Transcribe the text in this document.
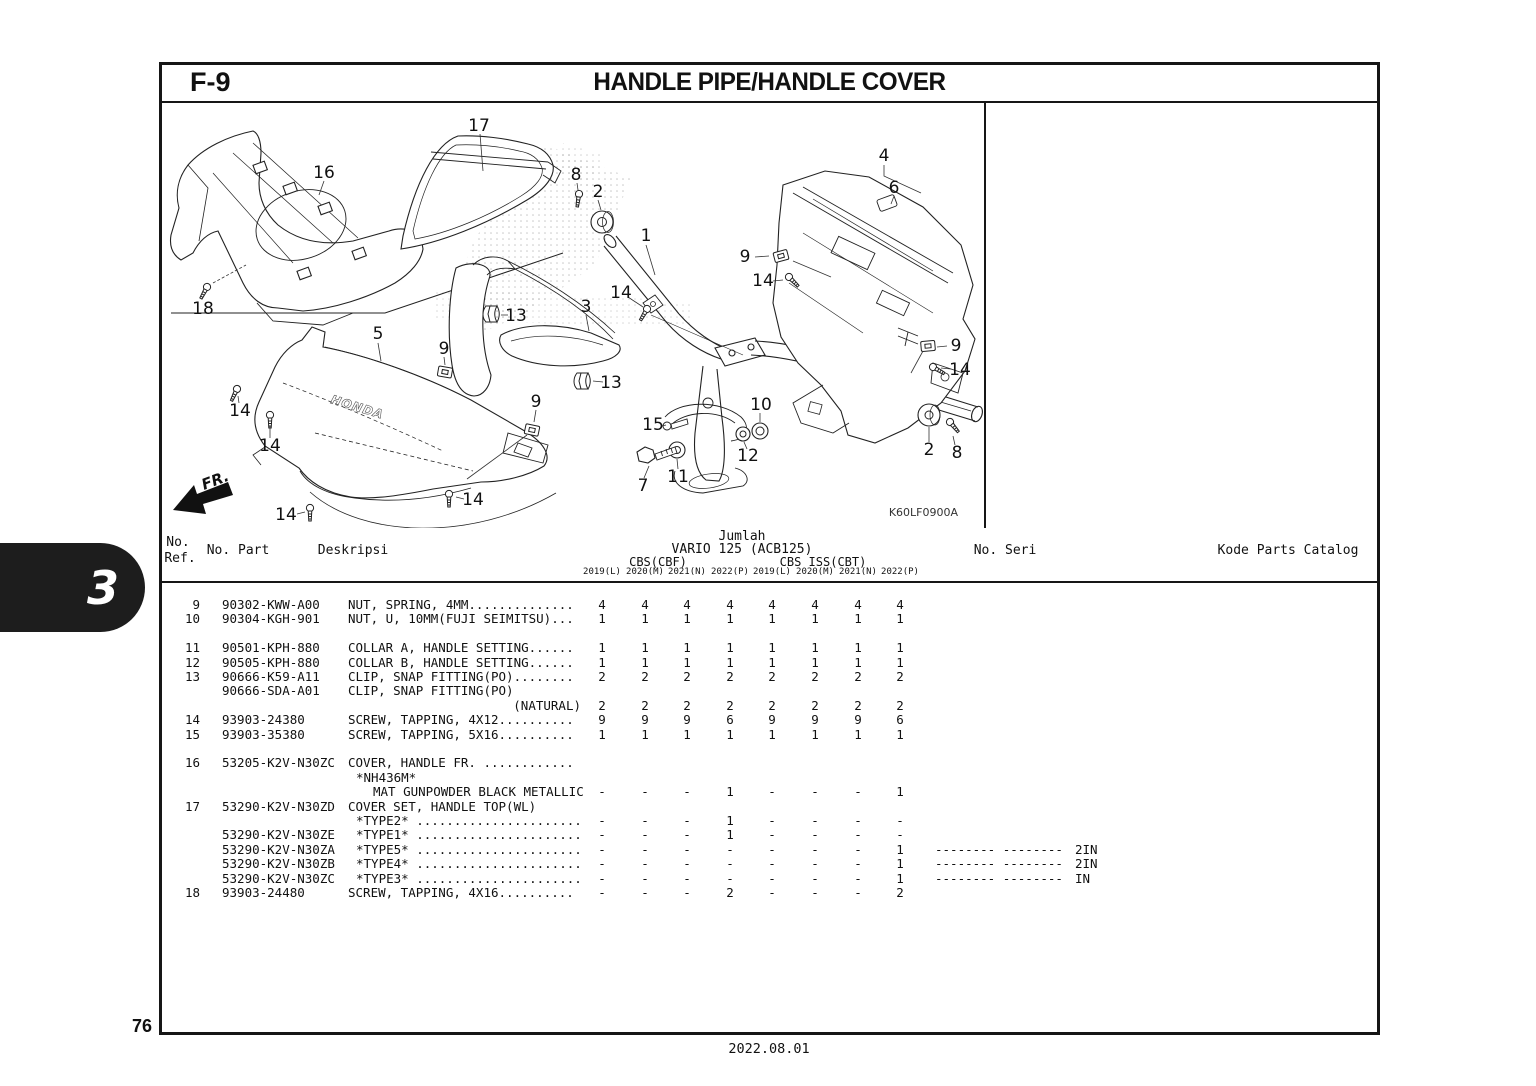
F-9	HANDLE PIPE/HANDLE COVER
HONDA
FR.
K60LF0900A
16
17
18
8
2
1
4
6
9
14
14
3
13
5
9
13
9
14
14
15
10
12
11
7
14
14
9
14
2 8
No.
Ref.
No. Part	Deskripsi
Jumlah
VARIO 125 (ACB125)
CBS(CBF)	CBS ISS(CBT)
No. Seri	Kode Parts Catalog
2019(L) 2020(M) 2021(N) 2022(P) 2019(L) 2020(M) 2021(N) 2022(P)
9 90302-KWW-A00 NUT, SPRING, 4MM..............	4	4	4	4	4	4	4	4
10 90304-KGH-901 NUT, U, 10MM(FUJI SEIMITSU)...	1	1	1	1	1	1	1	1
11 90501-KPH-880 COLLAR A, HANDLE SETTING......	1	1	1	1	1	1	1	1
12 90505-KPH-880 COLLAR B, HANDLE SETTING......	1	1	1	1	1	1	1	1
13 90666-K59-A11 CLIP, SNAP FITTING(PO)........	2	2	2	2	2	2	2	2
90666-SDA-A01 CLIP, SNAP FITTING(PO)
(NATURAL)	2	2	2	2	2	2	2	2
14 93903-24380	SCREW, TAPPING, 4X12..........	9	9	9	6	9	9	9	6
15 93903-35380	SCREW, TAPPING, 5X16..........	1	1	1	1	1	1	1	1
16 53205-K2V-N30ZC COVER, HANDLE FR. ............
*NH436M*
MAT GUNPOWDER BLACK METALLIC	-	-	-	1	-	-	-	1
17 53290-K2V-N30ZD COVER SET, HANDLE TOP(WL)
*TYPE2* ......................	-	-	-	1	-	-	-	-
53290-K2V-N30ZE *TYPE1* ......................	-	-	-	1	-	-	-	-
53290-K2V-N30ZA *TYPE5* ......................	-	-	-	-	-	-	-	1	-------- -------- 2IN
53290-K2V-N30ZB *TYPE4* ......................	-	-	-	-	-	-	-	1	-------- -------- 2IN
53290-K2V-N30ZC *TYPE3* ......................	-	-	-	-	-	-	-	1	-------- -------- IN
18 93903-24480	SCREW, TAPPING, 4X16..........	-	-	-	2	-	-	-	2
3
76
2022.08.01
